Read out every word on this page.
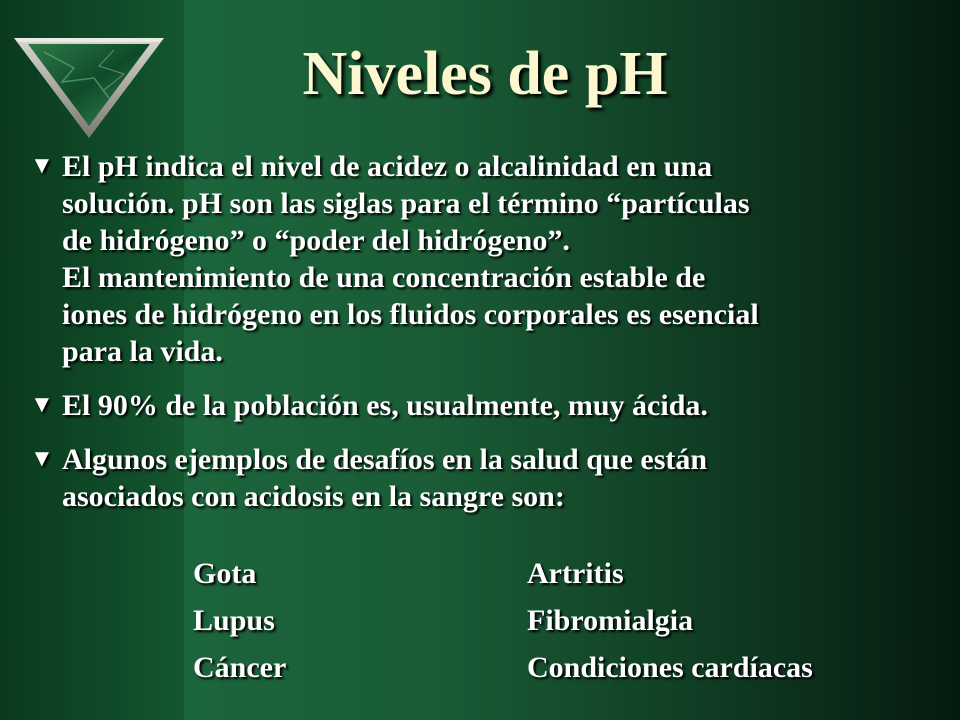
Niveles de pH
▼ El pH indica el nivel de acidez o alcalinidad en una
solución. pH son las siglas para el término “partículas
de hidrógeno” o “poder del hidrógeno”.
El mantenimiento de una concentración estable de
iones de hidrógeno en los fluidos corporales es esencial
para la vida.
▼ El 90% de la población es, usualmente, muy ácida.
▼ Algunos ejemplos de desafíos en la salud que están
asociados con acidosis en la sangre son:
Gota	Artritis
Lupus	Fibromialgia
Cáncer	Condiciones cardíacas
